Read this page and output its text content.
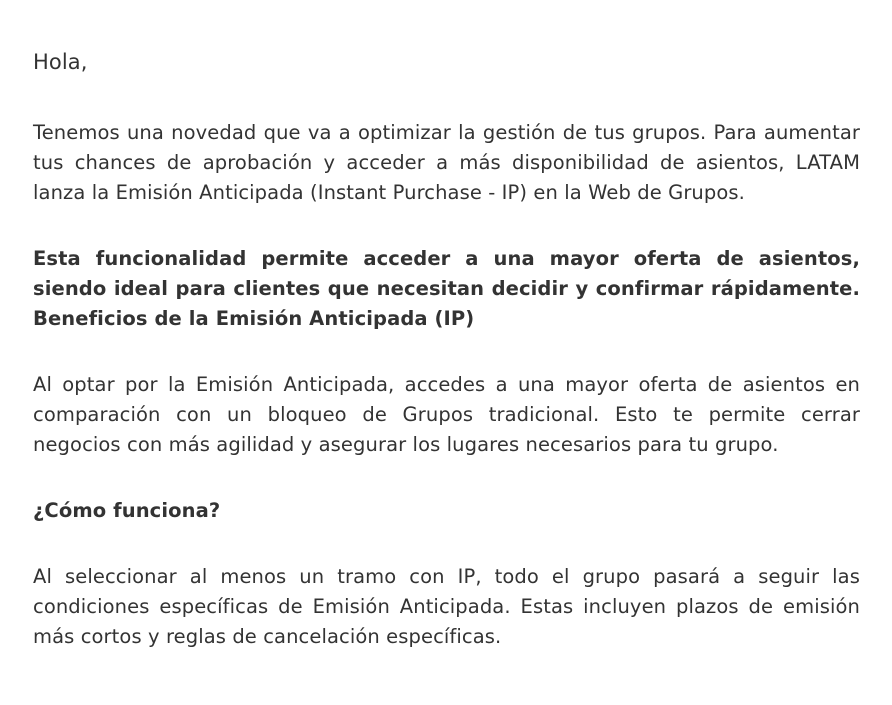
Hola,

Tenemos una novedad que va a optimizar la gestión de tus grupos. Para aumentar tus chances de aprobación y acceder a más disponibilidad de asientos, LATAM lanza la Emisión Anticipada (Instant Purchase - IP) en la Web de Grupos.

Esta funcionalidad permite acceder a una mayor oferta de asientos, siendo ideal para clientes que necesitan decidir y confirmar rápidamente. Beneficios de la Emisión Anticipada (IP)

Al optar por la Emisión Anticipada, accedes a una mayor oferta de asientos en comparación con un bloqueo de Grupos tradicional. Esto te permite cerrar negocios con más agilidad y asegurar los lugares necesarios para tu grupo.

¿Cómo funciona?

Al seleccionar al menos un tramo con IP, todo el grupo pasará a seguir las condiciones específicas de Emisión Anticipada. Estas incluyen plazos de emisión más cortos y reglas de cancelación específicas.
